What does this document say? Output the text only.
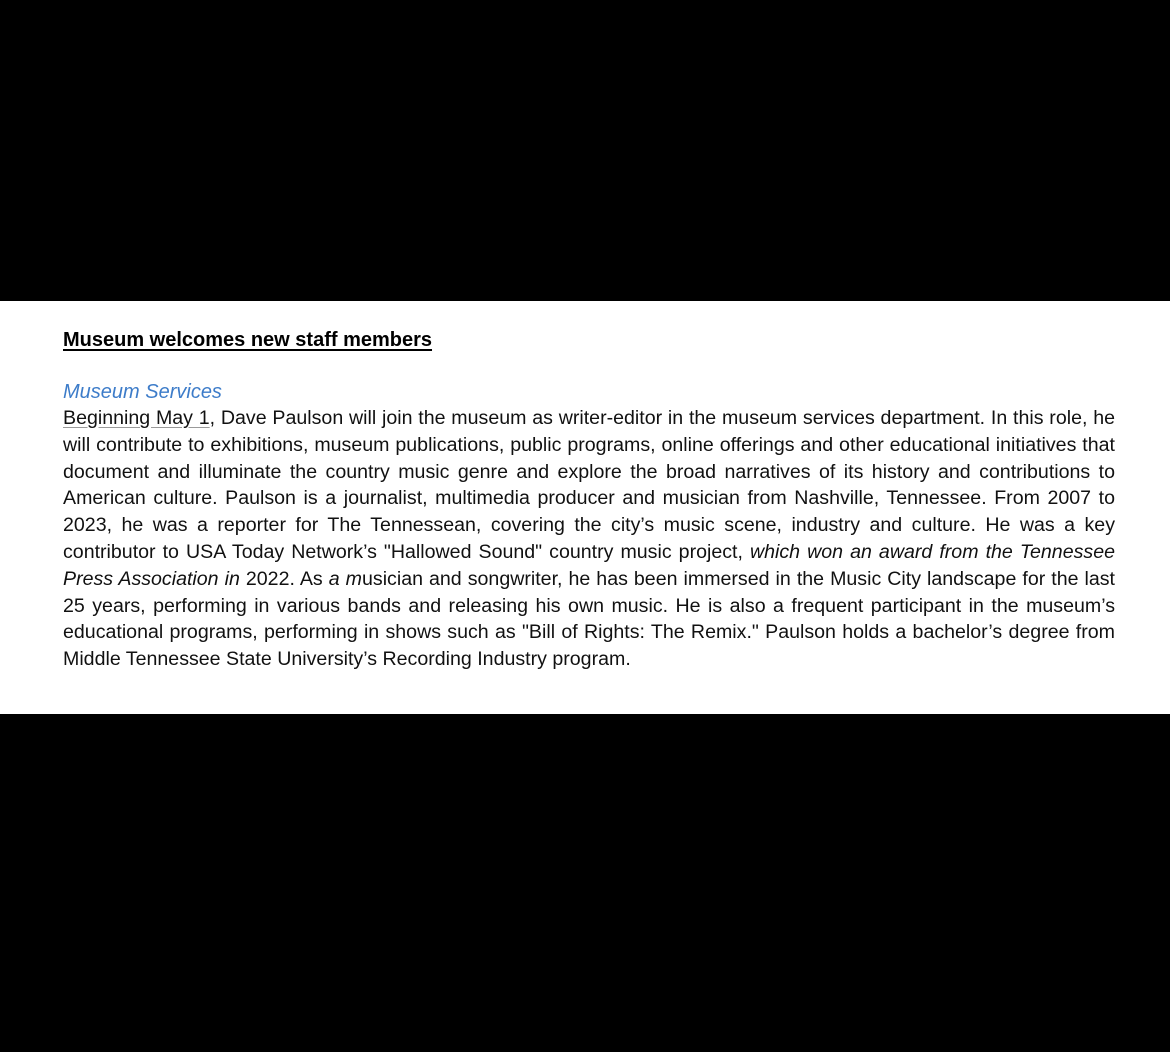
Museum welcomes new staff members

Museum Services

Beginning May 1, Dave Paulson will join the museum as writer-editor in the museum services department. In this role, he will contribute to exhibitions, museum publications, public programs, online offerings and other educational initiatives that document and illuminate the country music genre and explore the broad narratives of its history and contributions to American culture. Paulson is a journalist, multimedia producer and musician from Nashville, Tennessee. From 2007 to 2023, he was a reporter for The Tennessean, covering the city’s music scene, industry and culture. He was a key contributor to USA Today Network’s "Hallowed Sound" country music project, which won an award from the Tennessee Press Association in 2022. As a musician and songwriter, he has been immersed in the Music City landscape for the last 25 years, performing in various bands and releasing his own music. He is also a frequent participant in the museum’s educational programs, performing in shows such as "Bill of Rights: The Remix." Paulson holds a bachelor’s degree from Middle Tennessee State University’s Recording Industry program.
